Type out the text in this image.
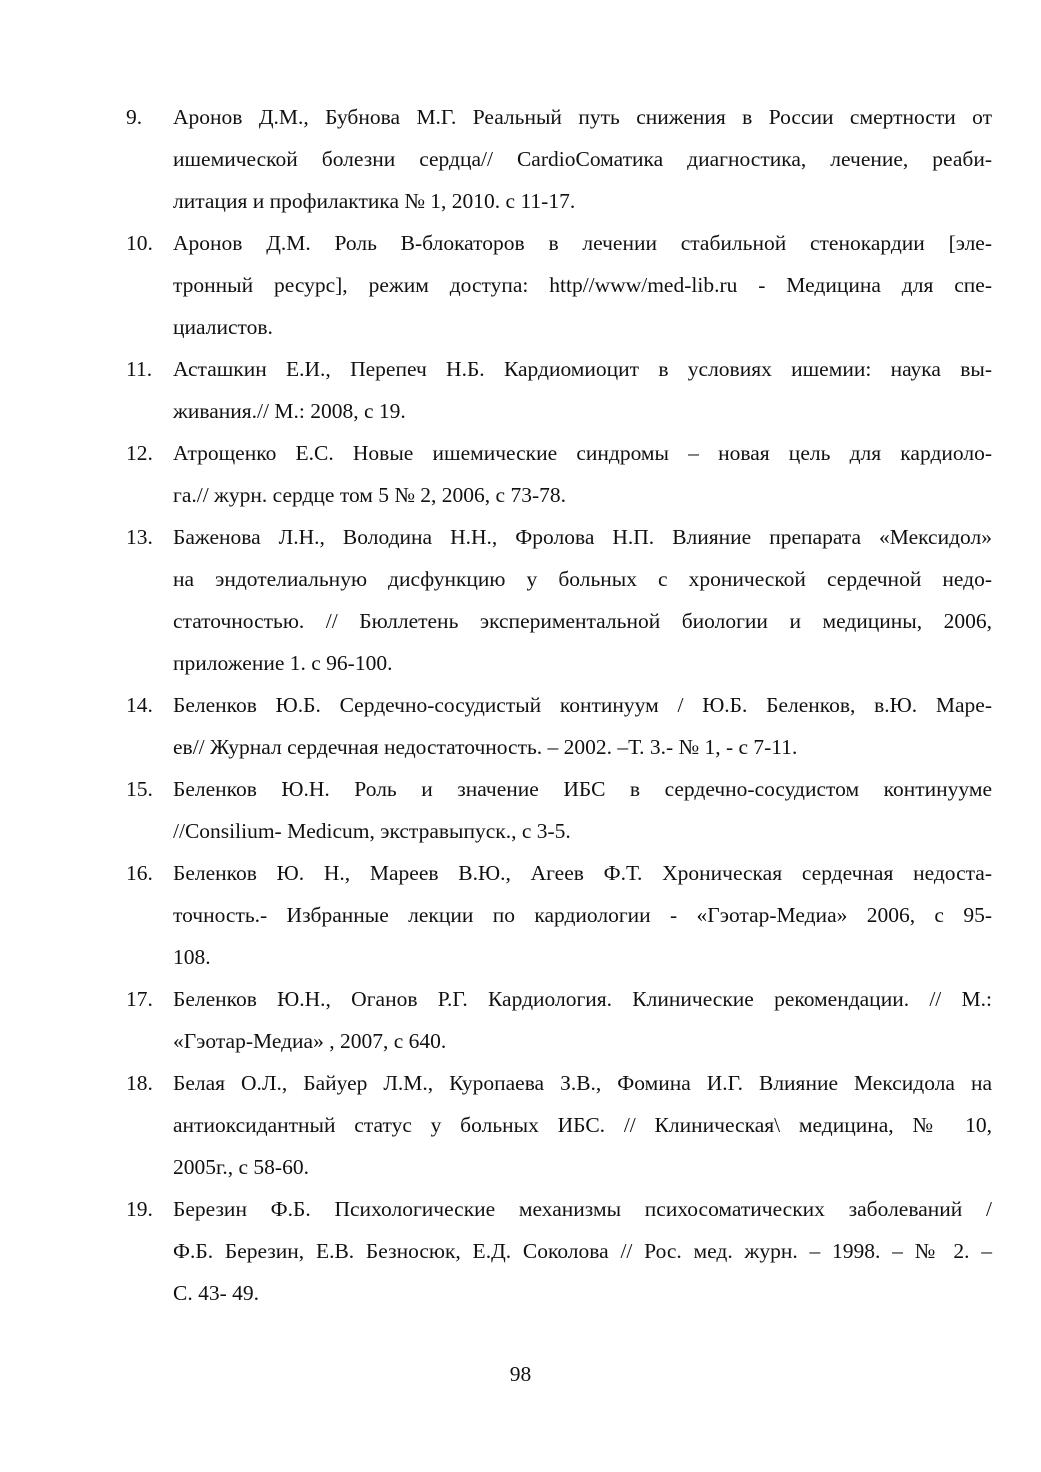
9. Аронов Д.М., Бубнова М.Г. Реальный путь снижения в России смертности от
ишемической болезни сердца// CardioСоматика диагностика, лечение, реаби-
литация и профилактика № 1, 2010. с 11-17.
10. Аронов Д.М. Роль В-блокаторов в лечении стабильной стенокардии [эле-
тронный ресурс], режим доступа: http//www/med-lib.ru - Медицина для спе-
циалистов.
11. Асташкин Е.И., Перепеч Н.Б. Кардиомиоцит в условиях ишемии: наука вы-
живания.// М.: 2008, с 19.
12. Атрощенко Е.С. Новые ишемические синдромы – новая цель для кардиоло-
га.// журн. сердце том 5 № 2, 2006, с 73-78.
13. Баженова Л.Н., Володина Н.Н., Фролова Н.П. Влияние препарата «Мексидол»
на эндотелиальную дисфункцию у больных с хронической сердечной недо-
статочностью. // Бюллетень экспериментальной биологии и медицины, 2006,
приложение 1. с 96-100.
14. Беленков Ю.Б. Сердечно-сосудистый континуум / Ю.Б. Беленков, в.Ю. Маре-
ев// Журнал сердечная недостаточность. – 2002. –Т. 3.- № 1, - с 7-11.
15. Беленков Ю.Н. Роль и значение ИБС в сердечно-сосудистом континууме
//Consilium- Medicum, экстравыпуск., с 3-5.
16. Беленков Ю. Н., Мареев В.Ю., Агеев Ф.Т. Хроническая сердечная недоста-
точность.- Избранные лекции по кардиологии - «Гэотар-Медиа» 2006, с 95-
108.
17. Беленков Ю.Н., Оганов Р.Г. Кардиология. Клинические рекомендации. // М.:
«Гэотар-Медиа» , 2007, с 640.
18. Белая О.Л., Байуер Л.М., Куропаева З.В., Фомина И.Г. Влияние Мексидола на
антиоксидантный статус у больных ИБС. // Клиническая\ медицина, № 10,
2005г., с 58-60.
19. Березин Ф.Б. Психологические механизмы психосоматических заболеваний /
Ф.Б. Березин, Е.В. Безносюк, Е.Д. Соколова // Рос. мед. журн. – 1998. – № 2. –
С. 43- 49.
98
